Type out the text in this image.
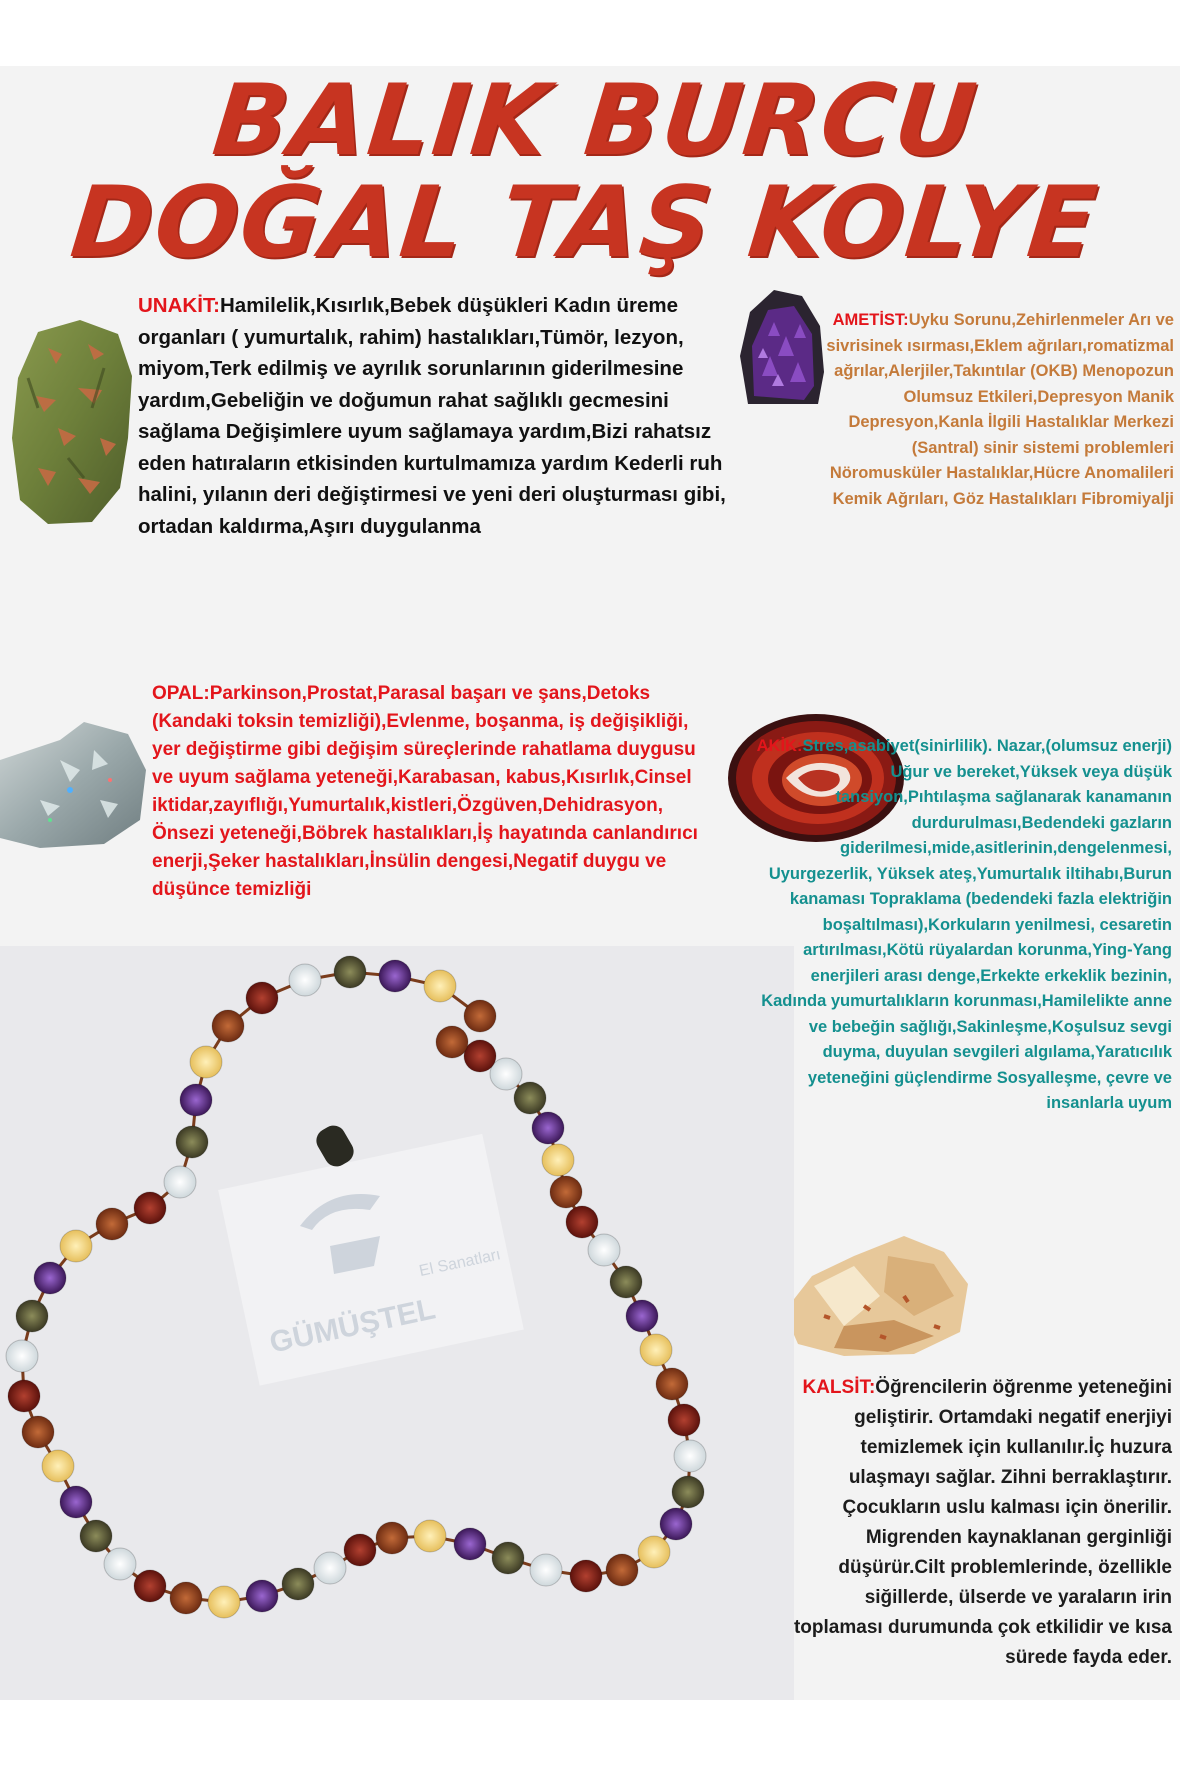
BALIK BURCU
DOĞAL TAŞ KOLYE
GÜMÜŞTEL
El Sanatları

UNAKİT:Hamilelik,Kısırlık,Bebek düşükleri Kadın üreme organları ( yumurtalık, rahim) hastalıkları,Tümör, lezyon, miyom,Terk edilmiş ve ayrılık sorunlarının giderilmesine yardım,Gebeliğin ve doğumun rahat sağlıklı gecmesini sağlama Değişimlere uyum sağlamaya yardım,Bizi rahatsız eden hatıraların etkisinden kurtulmamıza yardım Kederli ruh halini, yılanın deri değiştirmesi ve yeni deri oluşturması gibi, ortadan kaldırma,Aşırı duygulanma

AMETİST:Uyku Sorunu,Zehirlenmeler Arı ve sivrisinek ısırması,Eklem ağrıları,romatizmal ağrılar,Alerjiler,Takıntılar (OKB) Menopozun Olumsuz Etkileri,Depresyon Manik Depresyon,Kanla İlgili Hastalıklar Merkezi (Santral) sinir sistemi problemleri Nöromusküler Hastalıklar,Hücre Anomalileri Kemik Ağrıları, Göz Hastalıkları Fibromiyalji

OPAL:Parkinson,Prostat,Parasal başarı ve şans,Detoks (Kandaki toksin temizliği),Evlenme, boşanma, iş değişikliği, yer değiştirme gibi değişim süreçlerinde rahatlama duygusu ve uyum sağlama yeteneği,Karabasan, kabus,Kısırlık,Cinsel iktidar,zayıflığı,Yumurtalık,kistleri,Özgüven,Dehidrasyon, Önsezi yeteneği,Böbrek hastalıkları,İş hayatında canlandırıcı enerji,Şeker hastalıkları,İnsülin dengesi,Negatif duygu ve düşünce temizliği

AKİK:Stres,asabiyet(sinirlilik). Nazar,(olumsuz enerji) Uğur ve bereket,Yüksek veya düşük tansiyon,Pıhtılaşma sağlanarak kanamanın durdurulması,Bedendeki gazların giderilmesi,mide,asitlerinin,dengelenmesi, Uyurgezerlik, Yüksek ateş,Yumurtalık iltihabı,Burun kanaması Topraklama (bedendeki fazla elektriğin boşaltılması),Korkuların yenilmesi, cesaretin artırılması,Kötü rüyalardan korunma,Ying-Yang enerjileri arası denge,Erkekte erkeklik bezinin, Kadında yumurtalıkların korunması,Hamilelikte anne ve bebeğin sağlığı,Sakinleşme,Koşulsuz sevgi duyma, duyulan sevgileri algılama,Yaratıcılık yeteneğini güçlendirme Sosyalleşme, çevre ve insanlarla uyum

KALSİT:Öğrencilerin öğrenme yeteneğini geliştirir. Ortamdaki negatif enerjiyi temizlemek için kullanılır.İç huzura ulaşmayı sağlar. Zihni berraklaştırır. Çocukların uslu kalması için önerilir. Migrenden kaynaklanan gerginliği düşürür.Cilt problemlerinde, özellikle siğillerde, ülserde ve yaraların irin toplaması durumunda çok etkilidir ve kısa sürede fayda eder.
